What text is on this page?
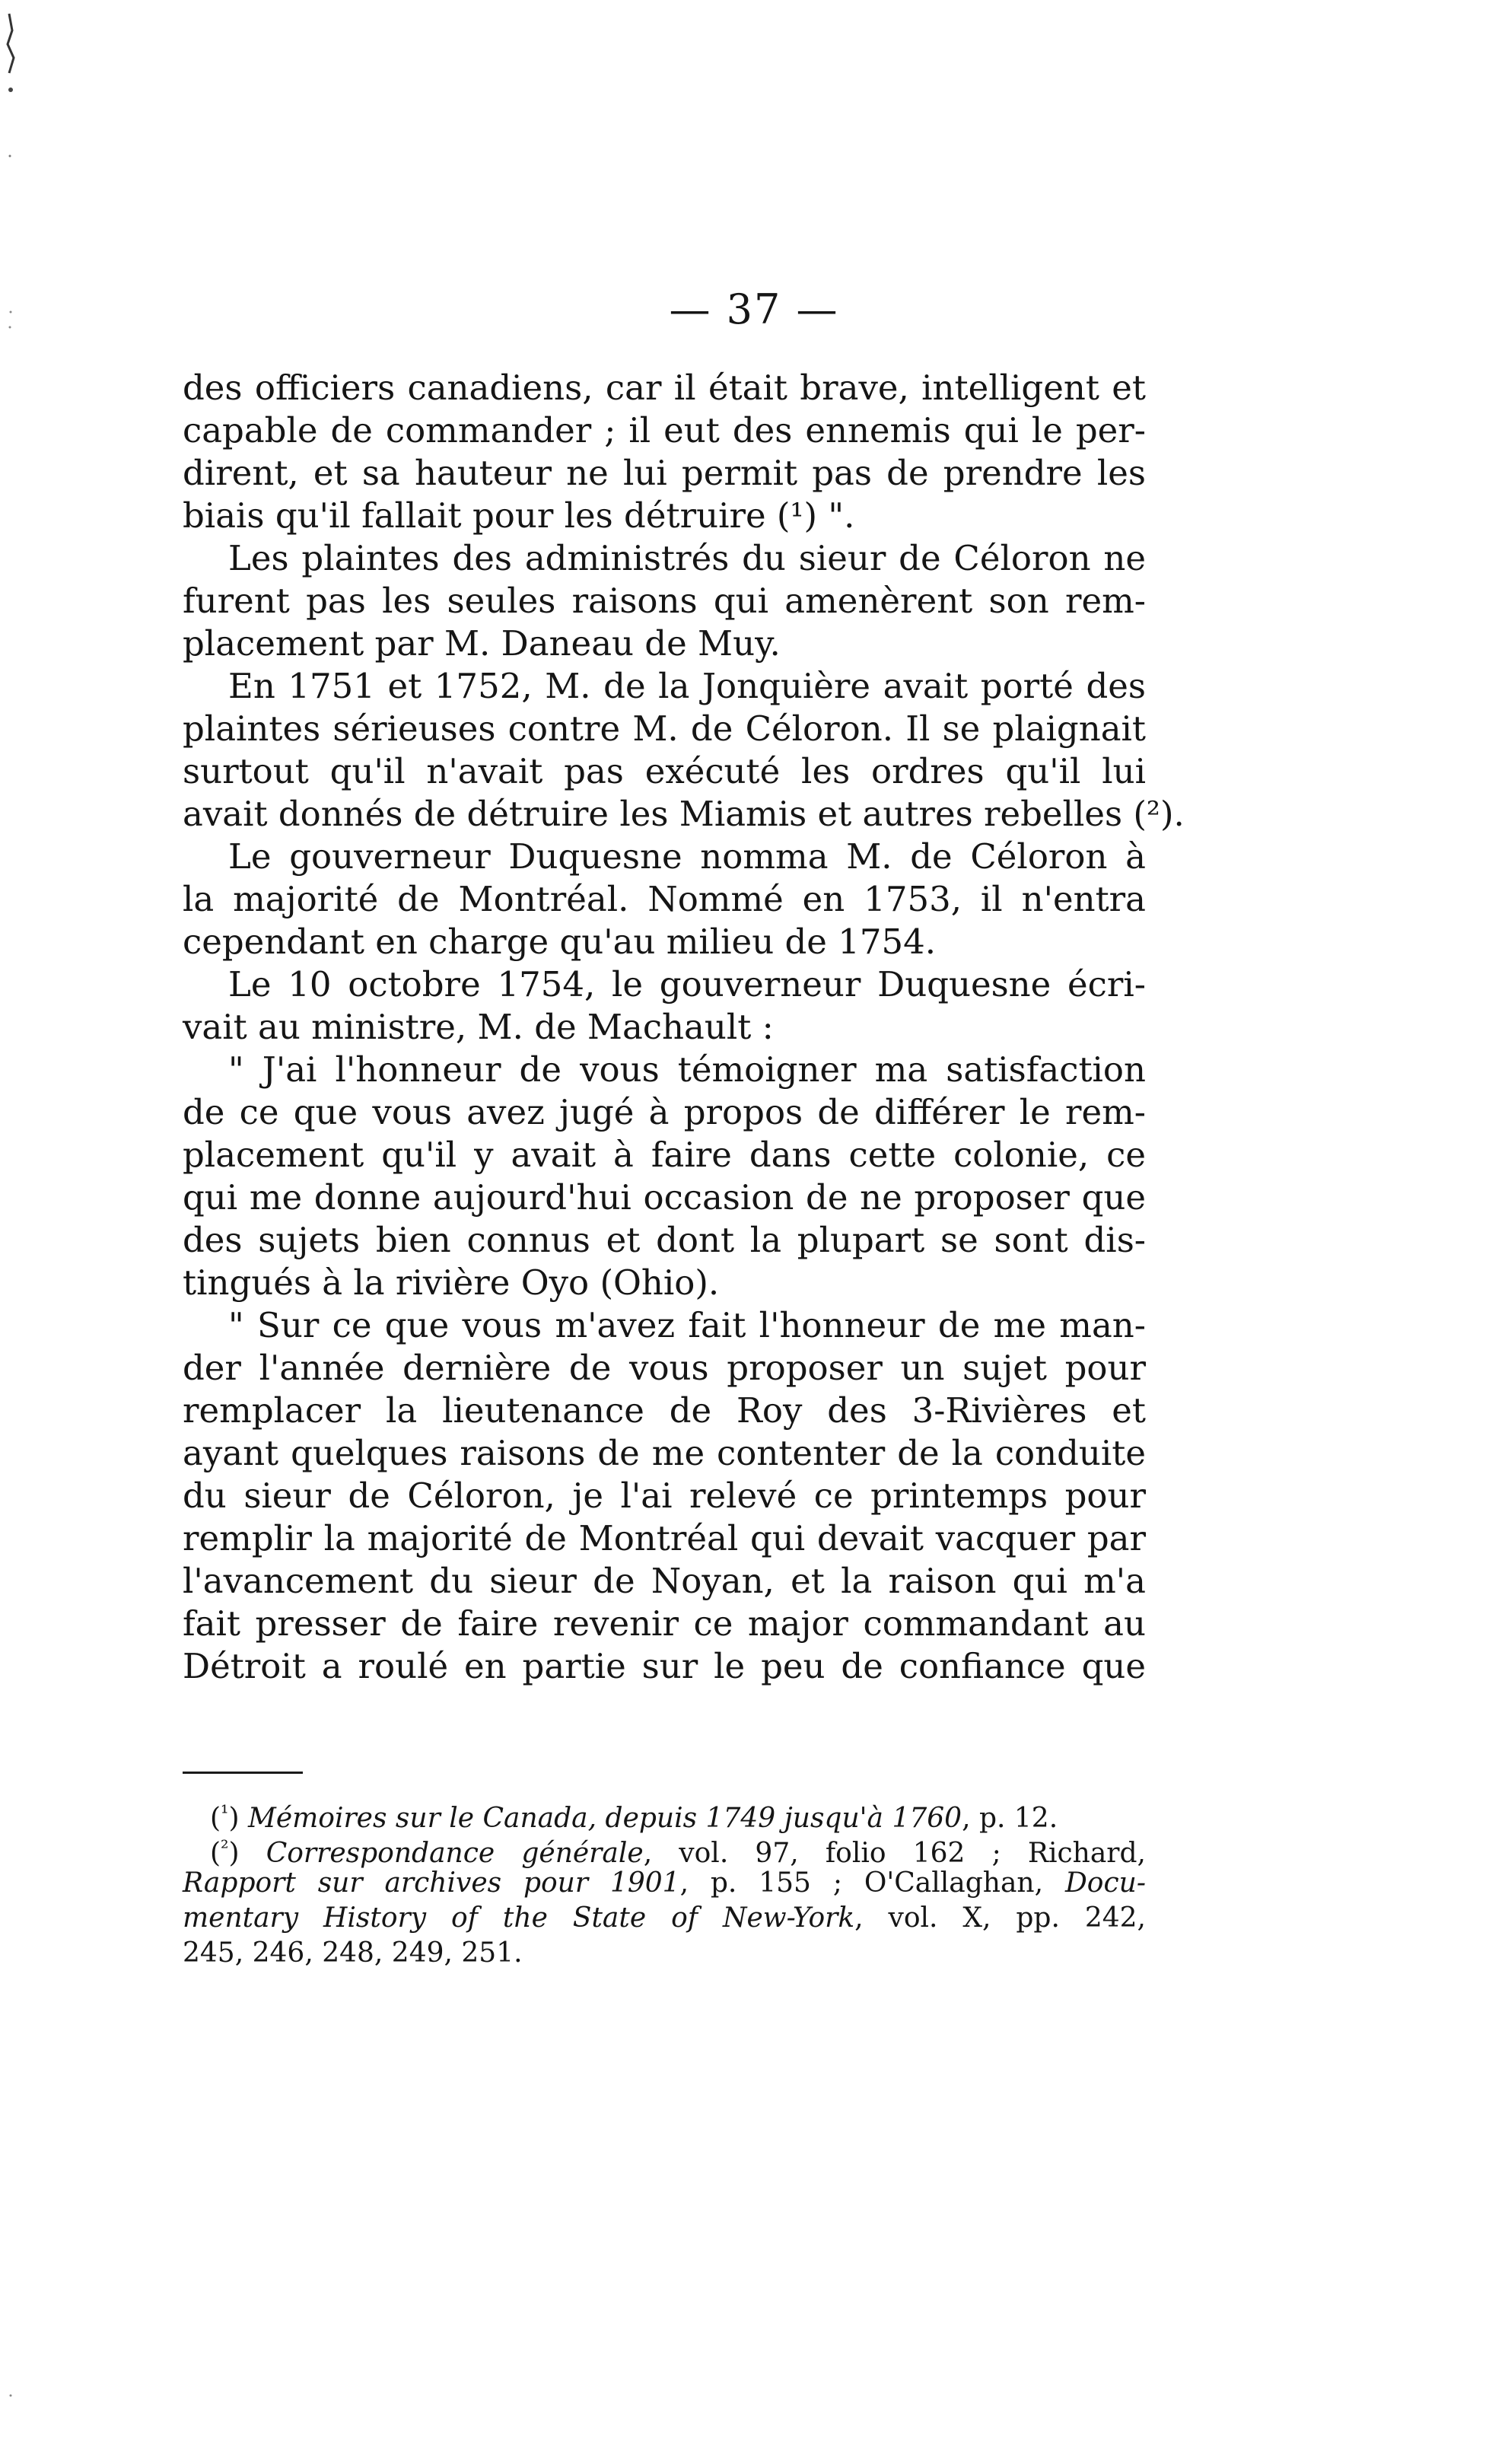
— 37 —
des officiers canadiens, car il était brave, intelligent et
capable de commander ; il eut des ennemis qui le per-
dirent, et sa hauteur ne lui permit pas de prendre les
biais qu'il fallait pour les détruire (¹) ".
Les plaintes des administrés du sieur de Céloron ne
furent pas les seules raisons qui amenèrent son rem-
placement par M. Daneau de Muy.
En 1751 et 1752, M. de la Jonquière avait porté des
plaintes sérieuses contre M. de Céloron. Il se plaignait
surtout qu'il n'avait pas exécuté les ordres qu'il lui
avait donnés de détruire les Miamis et autres rebelles (²).
Le gouverneur Duquesne nomma M. de Céloron à
la majorité de Montréal. Nommé en 1753, il n'entra
cependant en charge qu'au milieu de 1754.
Le 10 octobre 1754, le gouverneur Duquesne écri-
vait au ministre, M. de Machault :
" J'ai l'honneur de vous témoigner ma satisfaction
de ce que vous avez jugé à propos de différer le rem-
placement qu'il y avait à faire dans cette colonie, ce
qui me donne aujourd'hui occasion de ne proposer que
des sujets bien connus et dont la plupart se sont dis-
tingués à la rivière Oyo (Ohio).
" Sur ce que vous m'avez fait l'honneur de me man-
der l'année dernière de vous proposer un sujet pour
remplacer la lieutenance de Roy des 3-Rivières et
ayant quelques raisons de me contenter de la conduite
du sieur de Céloron, je l'ai relevé ce printemps pour
remplir la majorité de Montréal qui devait vacquer par
l'avancement du sieur de Noyan, et la raison qui m'a
fait presser de faire revenir ce major commandant au
Détroit a roulé en partie sur le peu de confiance que
($^{^1}$) Mémoires sur le Canada, depuis 1749 jusqu'à 1760, p. 12.
($^{^2}$) Correspondance générale, vol. 97, folio 162 ; Richard,
Rapport sur archives pour 1901, p. 155 ; O'Callaghan, Docu-
mentary History of the State of New-York, vol. X, pp. 242,
245, 246, 248, 249, 251.
